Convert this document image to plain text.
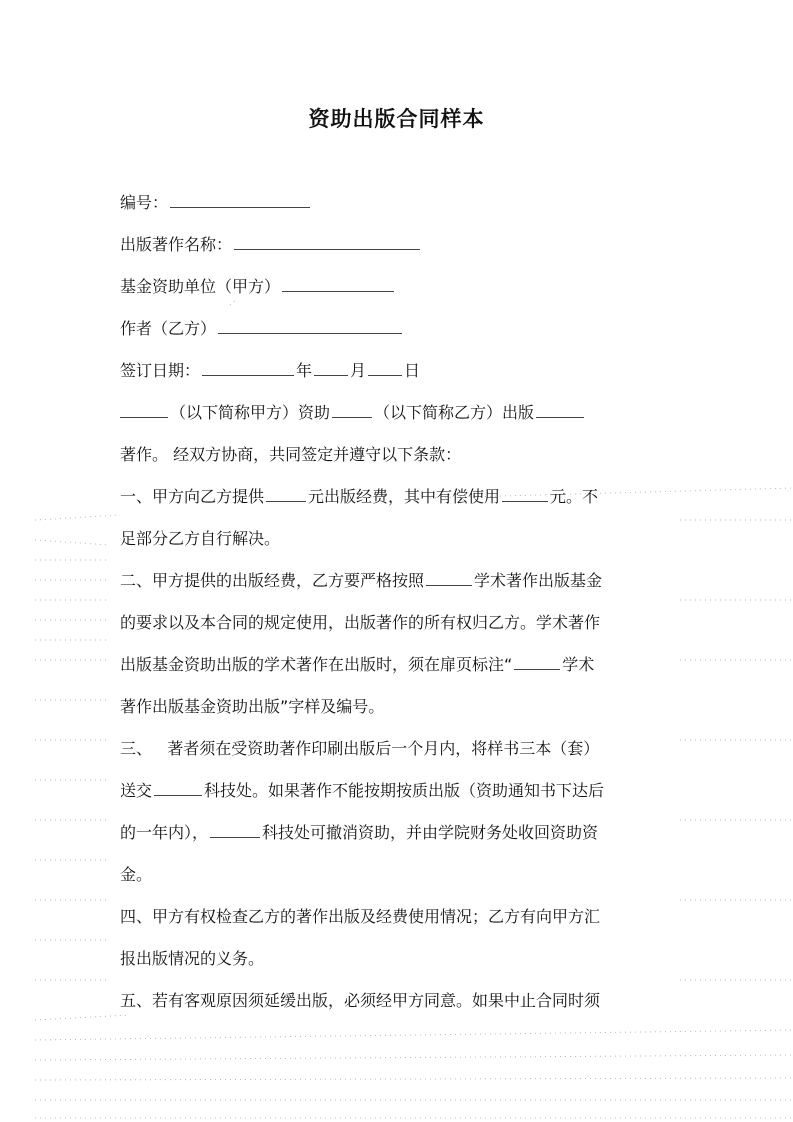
资助出版合同样本
编号：
出版著作名称：
基金资助单位（甲方）
作者（乙方）
签订日期：	年 月 日
（以下简称甲方）资助	（以下简称乙方）出版
著作。 经双方协商，共同签定并遵守以下条款：
一、甲方向乙方提供	元出版经费，其中有偿使用	元。不
足部分乙方自行解决。
二、甲方提供的出版经费，乙方要严格按照	学术著作出版基金
的要求以及本合同的规定使用，出版著作的所有权归乙方。学术著作
出版基金资助出版的学术著作在出版时，须在扉页标注“	学术
著作出版基金资助出版”字样及编号。
三、   著者须在受资助著作印刷出版后一个月内，将样书三本（套）
送交	科技处。如果著作不能按期按质出版（资助通知书下达后
的一年内），	科技处可撤消资助，并由学院财务处收回资助资
金。
四、甲方有权检查乙方的著作出版及经费使用情况；乙方有向甲方汇
报出版情况的义务。
五、若有客观原因须延缓出版，必须经甲方同意。如果中止合同时须
